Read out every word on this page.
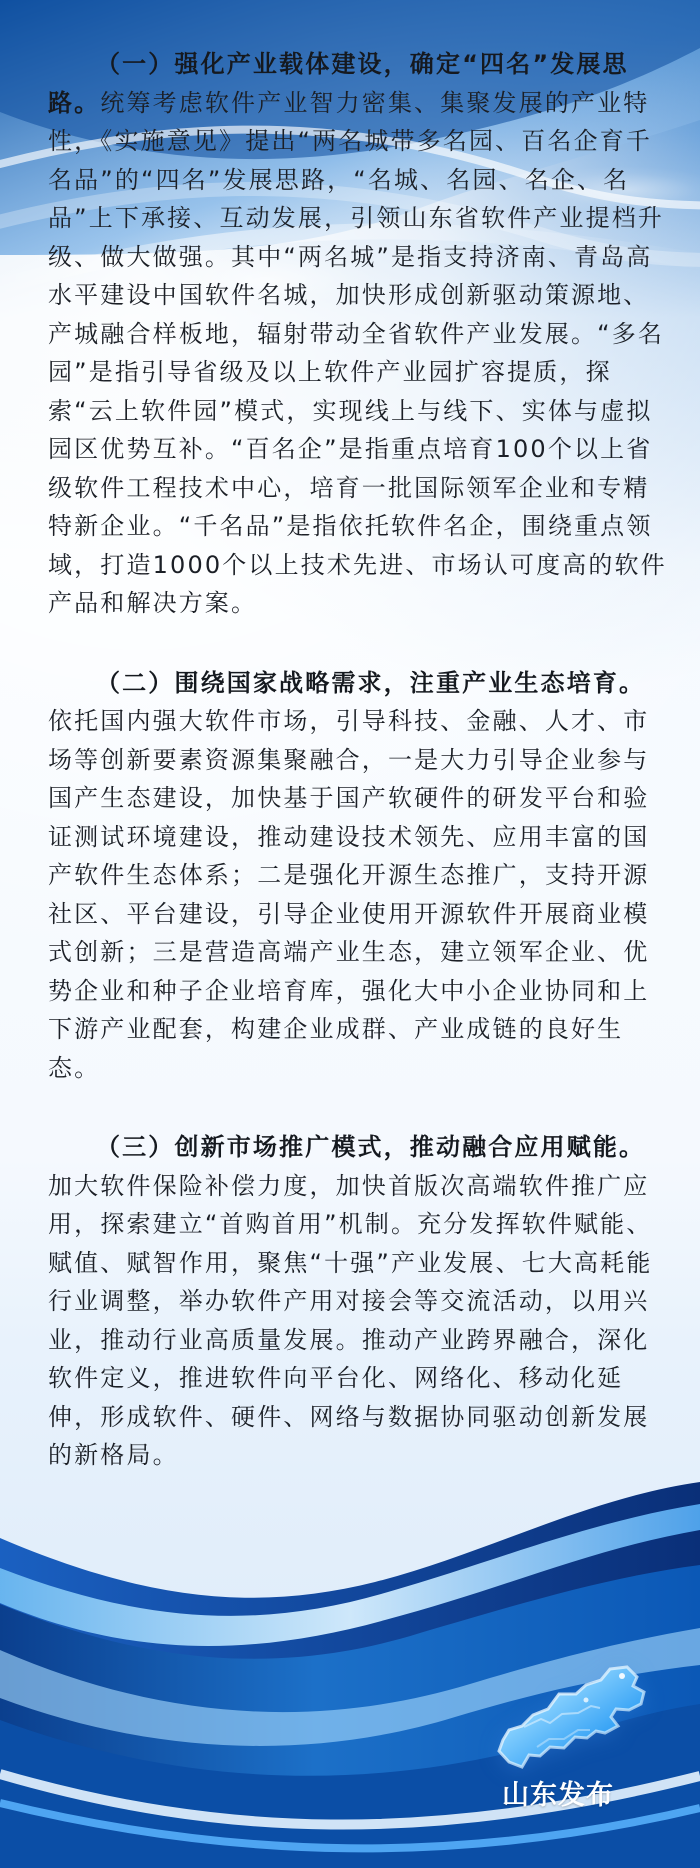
（一）强化产业载体建设，确定“四名”发展思路。统筹考虑软件产业智力密集、集聚发展的产业特性，《实施意见》提出“两名城带多名园、百名企育千名品”的“四名”发展思路，“名城、名园、名企、名品”上下承接、互动发展，引领山东省软件产业提档升级、做大做强。其中“两名城”是指支持济南、青岛高水平建设中国软件名城，加快形成创新驱动策源地、产城融合样板地，辐射带动全省软件产业发展。“多名园”是指引导省级及以上软件产业园扩容提质，探索“云上软件园”模式，实现线上与线下、实体与虚拟园区优势互补。“百名企”是指重点培育100个以上省级软件工程技术中心，培育一批国际领军企业和专精特新企业。“千名品”是指依托软件名企，围绕重点领域，打造1000个以上技术先进、市场认可度高的软件产品和解决方案。

（二）围绕国家战略需求，注重产业生态培育。依托国内强大软件市场，引导科技、金融、人才、市场等创新要素资源集聚融合，一是大力引导企业参与国产生态建设，加快基于国产软硬件的研发平台和验证测试环境建设，推动建设技术领先、应用丰富的国产软件生态体系；二是强化开源生态推广，支持开源社区、平台建设，引导企业使用开源软件开展商业模式创新；三是营造高端产业生态，建立领军企业、优势企业和种子企业培育库，强化大中小企业协同和上下游产业配套，构建企业成群、产业成链的良好生态。

（三）创新市场推广模式，推动融合应用赋能。加大软件保险补偿力度，加快首版次高端软件推广应用，探索建立“首购首用”机制。充分发挥软件赋能、赋值、赋智作用，聚焦“十强”产业发展、七大高耗能行业调整，举办软件产用对接会等交流活动，以用兴业，推动行业高质量发展。推动产业跨界融合，深化软件定义，推进软件向平台化、网络化、移动化延伸，形成软件、硬件、网络与数据协同驱动创新发展的新格局。

山东发布
